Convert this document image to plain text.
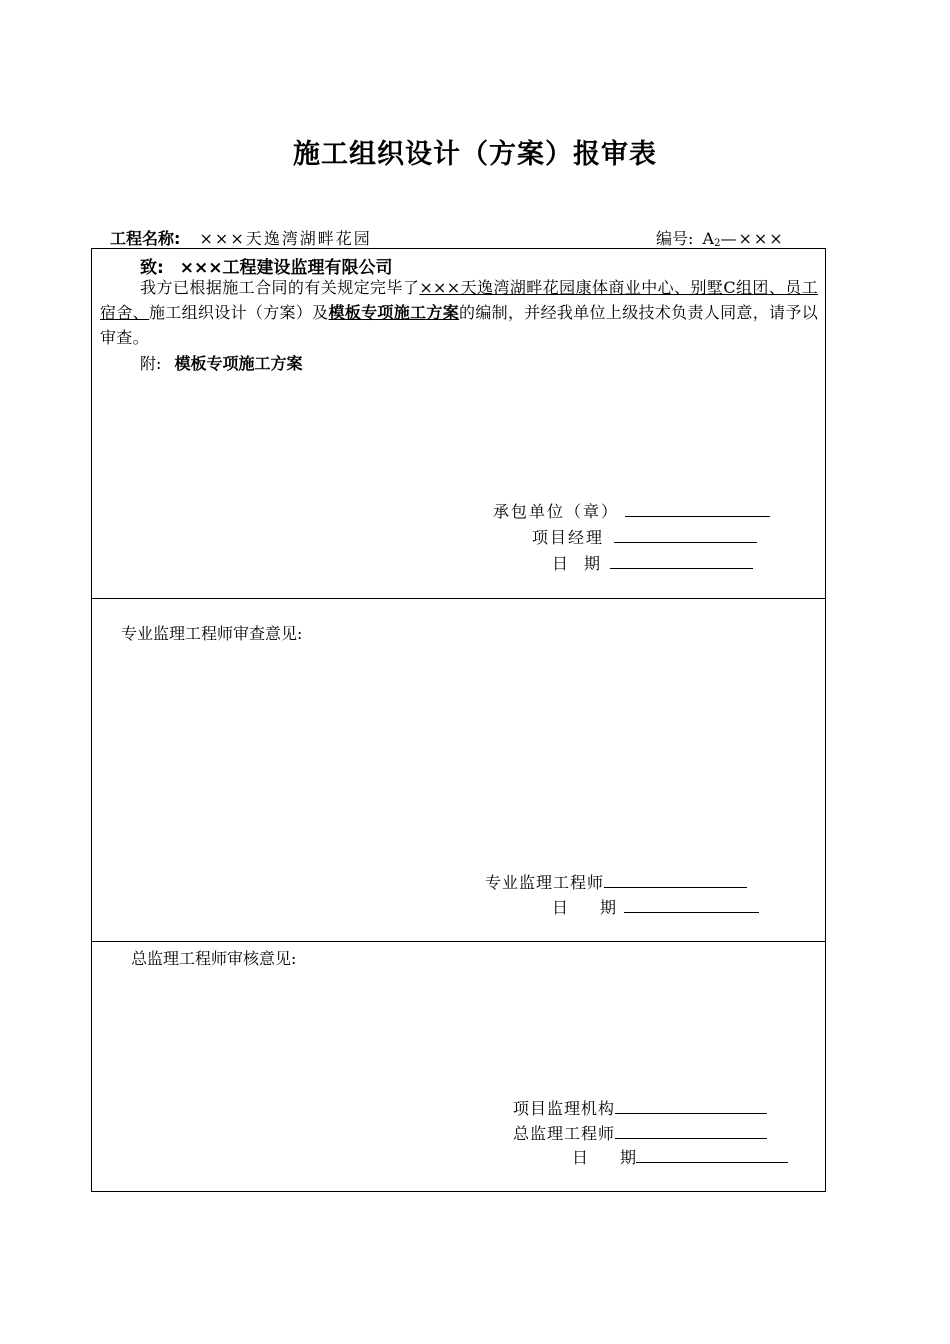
施工组织设计（方案）报审表
工程名称: ×××天逸湾湖畔花园	编号: $A_2—\times\times\times$
致: ×××工程建设监理有限公司
我方已根据施工合同的有关规定完毕了×××天逸湾湖畔花园康体商业中心、别墅C组团、员工宿舍、施工组织设计（方案）及模板专项施工方案的编制，并经我单位上级技术负责人同意，请予以审查。
附: 模板专项施工方案
承包单位（章）
项目经理
日　期
专业监理工程师审查意见:
专业监理工程师
日　　期
总监理工程师审核意见:
项目监理机构
总监理工程师
日　　期
